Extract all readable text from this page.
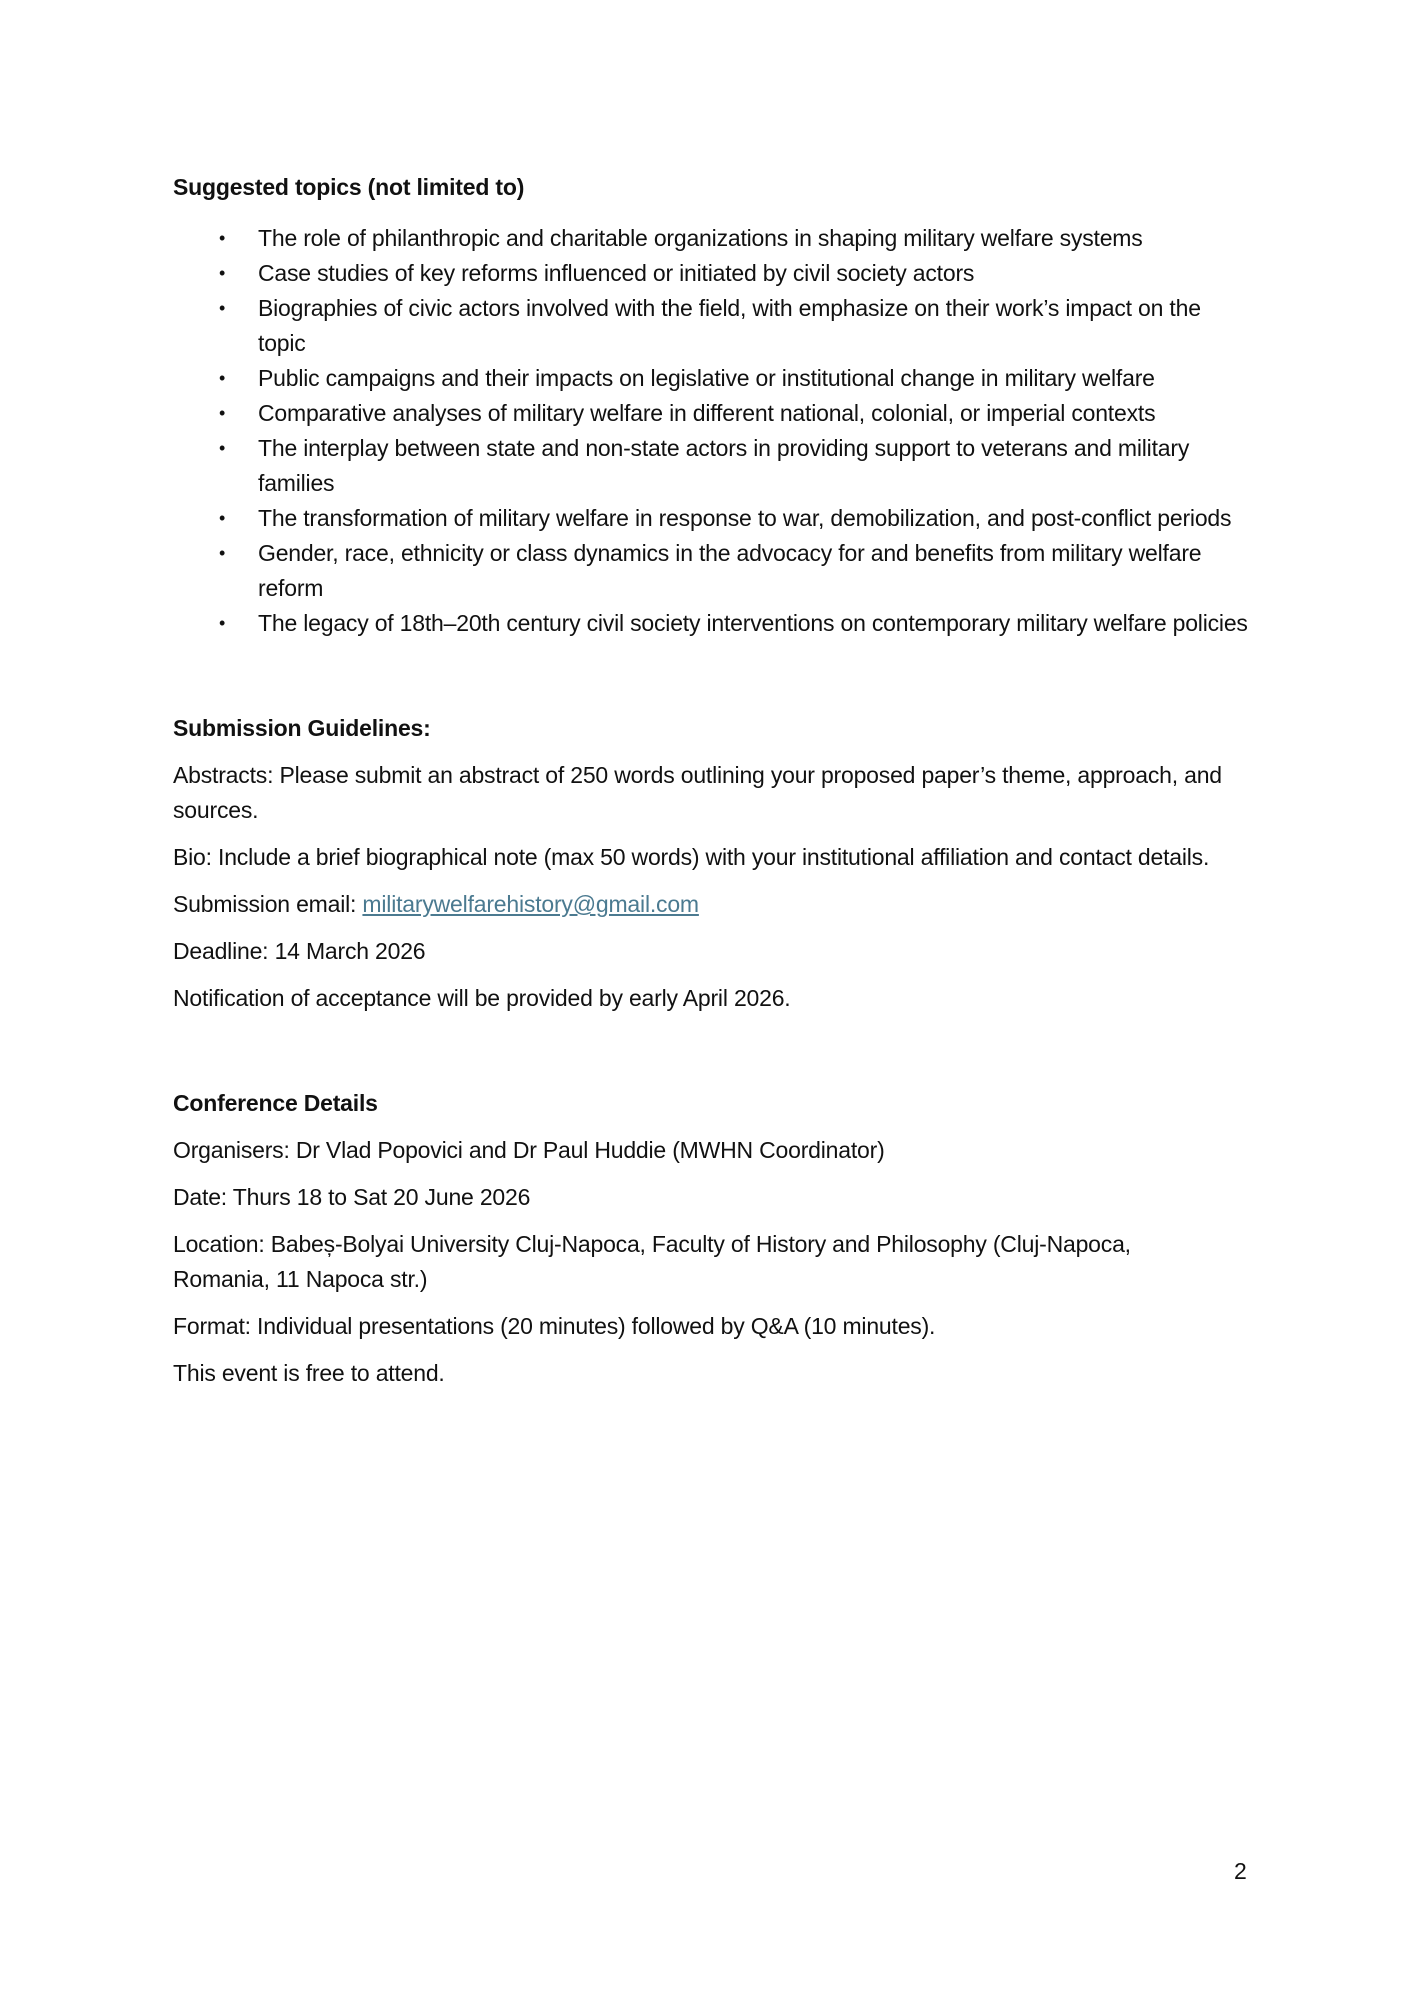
Suggested topics (not limited to)

• The role of philanthropic and charitable organizations in shaping military welfare systems
• Case studies of key reforms influenced or initiated by civil society actors
• Biographies of civic actors involved with the field, with emphasize on their work’s impact on the topic
• Public campaigns and their impacts on legislative or institutional change in military welfare
• Comparative analyses of military welfare in different national, colonial, or imperial contexts
• The interplay between state and non-state actors in providing support to veterans and military families
• The transformation of military welfare in response to war, demobilization, and post-conflict periods
• Gender, race, ethnicity or class dynamics in the advocacy for and benefits from military welfare reform
• The legacy of 18th–20th century civil society interventions on contemporary military welfare policies

Submission Guidelines:

Abstracts: Please submit an abstract of 250 words outlining your proposed paper’s theme, approach, and sources.

Bio: Include a brief biographical note (max 50 words) with your institutional affiliation and contact details.

Submission email: militarywelfarehistory@gmail.com

Deadline: 14 March 2026

Notification of acceptance will be provided by early April 2026.

Conference Details

Organisers: Dr Vlad Popovici and Dr Paul Huddie (MWHN Coordinator)

Date: Thurs 18 to Sat 20 June 2026

Location: Babeș-Bolyai University Cluj-Napoca, Faculty of History and Philosophy (Cluj-Napoca, Romania, 11 Napoca str.)

Format: Individual presentations (20 minutes) followed by Q&A (10 minutes).

This event is free to attend.

2
